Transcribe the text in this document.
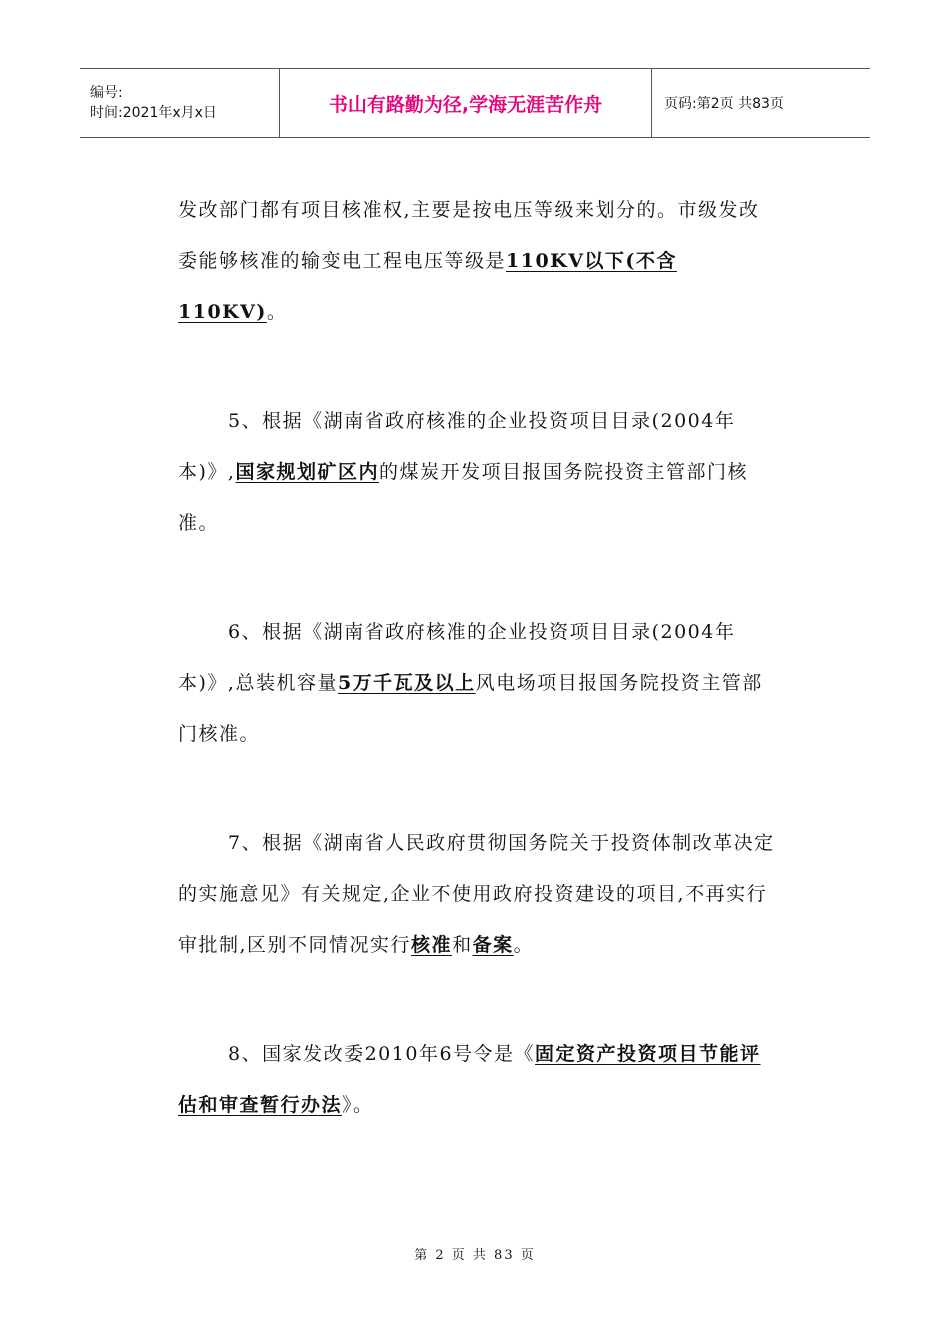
编号:
时间:2021年x月x日	书山有路勤为径,学海无涯苦作舟	页码:第2页 共83页

发改部门都有项目核准权,主要是按电压等级来划分的。市级发改委能够核准的输变电工程电压等级是110KV以下(不含110KV)。

5、根据《湖南省政府核准的企业投资项目目录(2004年本)》,国家规划矿区内的煤炭开发项目报国务院投资主管部门核准。

6、根据《湖南省政府核准的企业投资项目目录(2004年本)》,总装机容量5万千瓦及以上风电场项目报国务院投资主管部门核准。

7、根据《湖南省人民政府贯彻国务院关于投资体制改革决定的实施意见》有关规定,企业不使用政府投资建设的项目,不再实行审批制,区别不同情况实行核准和备案。

8、国家发改委2010年6号令是《固定资产投资项目节能评估和审查暂行办法》。

第 2 页 共 83 页
